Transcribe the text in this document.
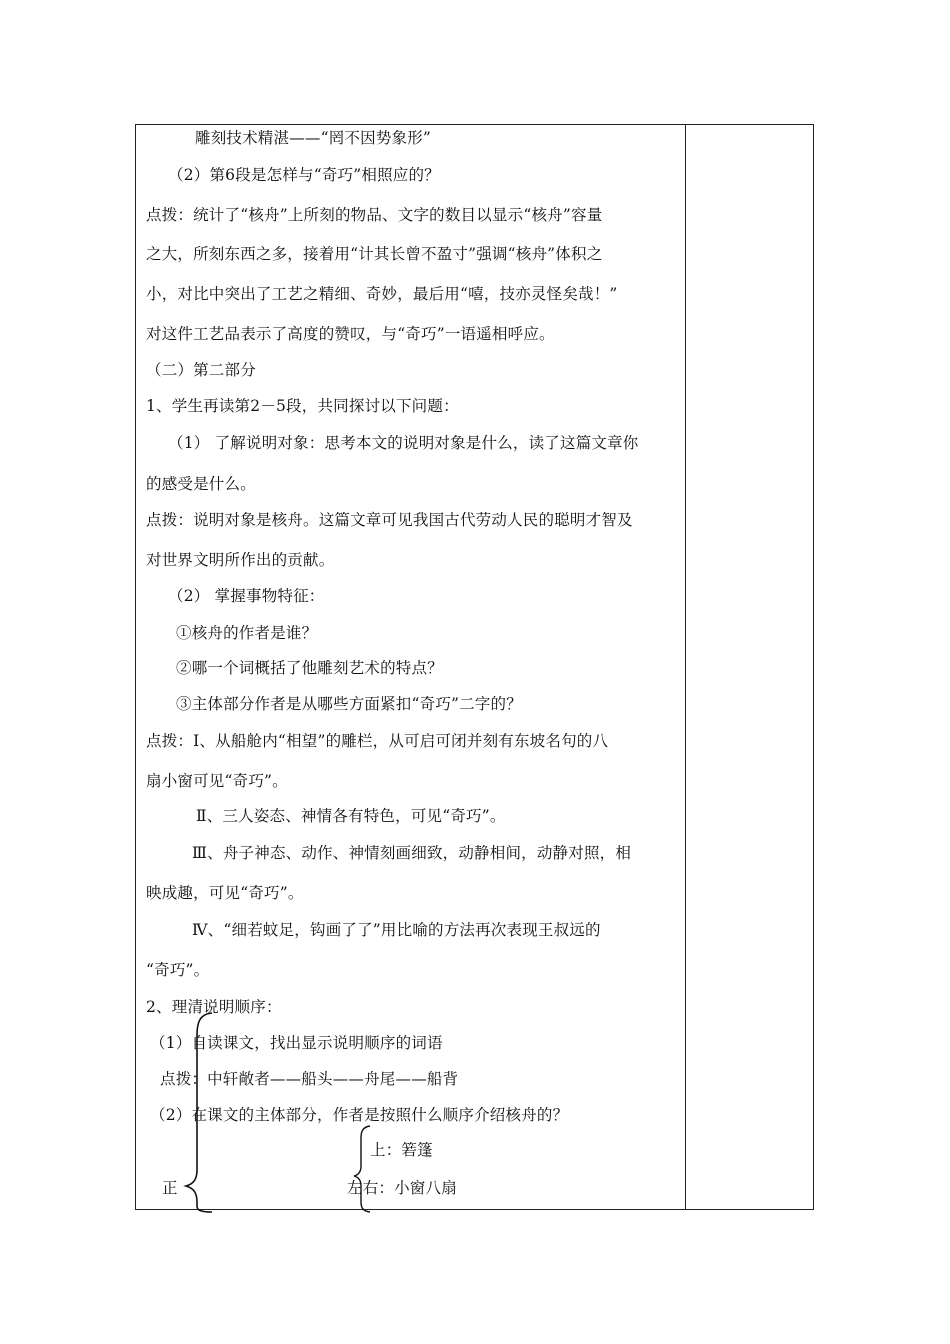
雕刻技术精湛——“罔不因势象形”
（2）第6段是怎样与“奇巧”相照应的？
点拨：统计了“核舟”上所刻的物品、文字的数目以显示“核舟”容量
之大，所刻东西之多，接着用“计其长曾不盈寸”强调“核舟”体积之
小，对比中突出了工艺之精细、奇妙，最后用“嘻，技亦灵怪矣哉！”
对这件工艺品表示了高度的赞叹，与“奇巧”一语遥相呼应。
（二）第二部分
1、学生再读第2－5段，共同探讨以下问题：
（1） 了解说明对象：思考本文的说明对象是什么，读了这篇文章你
的感受是什么。
点拨：说明对象是核舟。这篇文章可见我国古代劳动人民的聪明才智及
对世界文明所作出的贡献。
（2） 掌握事物特征：
①核舟的作者是谁？
②哪一个词概括了他雕刻艺术的特点？
③主体部分作者是从哪些方面紧扣“奇巧”二字的？
点拨：Ⅰ、从船舱内“相望”的雕栏，从可启可闭并刻有东坡名句的八
扇小窗可见“奇巧”。
Ⅱ、三人姿态、神情各有特色，可见“奇巧”。
Ⅲ、舟子神态、动作、神情刻画细致，动静相间，动静对照，相
映成趣，可见“奇巧”。
Ⅳ、“细若蚊足，钩画了了”用比喻的方法再次表现王叔远的
“奇巧”。
2、理清说明顺序：
（1）自读课文，找出显示说明顺序的词语
点拨：中轩敞者——船头——舟尾——船背
（2）在课文的主体部分，作者是按照什么顺序介绍核舟的？
上：箬篷
正	左右：小窗八扇
